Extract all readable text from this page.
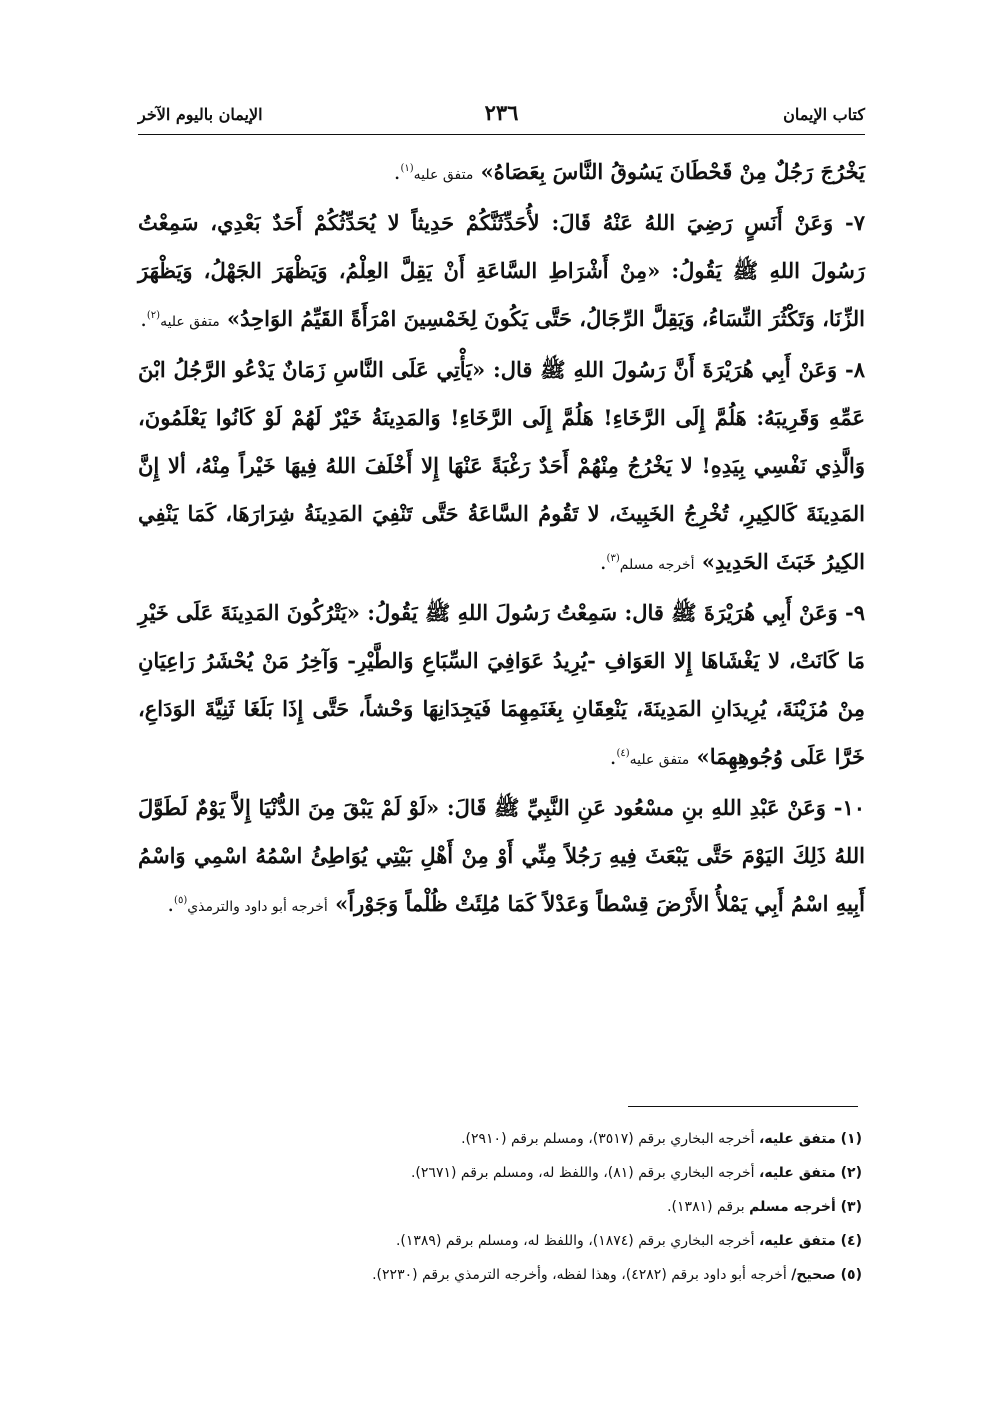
كتاب الإيمان
٢٣٦
الإيمان باليوم الآخر

يَخْرُجَ رَجُلٌ مِنْ قَحْطَانَ يَسُوقُ النَّاسَ بِعَصَاهُ» متفق عليه$^{(١)}$.

٧- وَعَنْ أَنَسٍ رَضِيَ اللهُ عَنْهُ قَالَ: لأُحَدِّثَنَّكُمْ حَدِيثاً لا يُحَدِّثُكُمْ أَحَدٌ بَعْدِي، سَمِعْتُ رَسُولَ اللهِ ﷺ يَقُولُ: «مِنْ أَشْرَاطِ السَّاعَةِ أَنْ يَقِلَّ العِلْمُ، وَيَظْهَرَ الجَهْلُ، وَيَظْهَرَ الزِّنَا، وَتَكْثُرَ النِّسَاءُ، وَيَقِلَّ الرِّجَالُ، حَتَّى يَكُونَ لِخَمْسِينَ امْرَأَةً القَيِّمُ الوَاحِدُ» متفق عليه$^{(٢)}$.

٨- وَعَنْ أَبِي هُرَيْرَةَ أَنَّ رَسُولَ اللهِ ﷺ قال: «يَأْتِي عَلَى النَّاسِ زَمَانٌ يَدْعُو الرَّجُلُ ابْنَ عَمِّهِ وَقَرِيبَهُ: هَلُمَّ إِلَى الرَّخَاءِ! هَلُمَّ إِلَى الرَّخَاءِ! وَالمَدِينَةُ خَيْرٌ لَهُمْ لَوْ كَانُوا يَعْلَمُونَ، وَالَّذِي نَفْسِي بِيَدِهِ! لا يَخْرُجُ مِنْهُمْ أَحَدٌ رَغْبَةً عَنْهَا إِلا أَخْلَفَ اللهُ فِيهَا خَيْراً مِنْهُ، ألا إِنَّ المَدِينَةَ كَالكِيرِ، تُخْرِجُ الخَبِيثَ، لا تَقُومُ السَّاعَةُ حَتَّى تَنْفِيَ المَدِينَةُ شِرَارَهَا، كَمَا يَنْفِي الكِيرُ خَبَثَ الحَدِيدِ» أخرجه مسلم$^{(٣)}$.

٩- وَعَنْ أَبِي هُرَيْرَةَ ﷺ قال: سَمِعْتُ رَسُولَ اللهِ ﷺ يَقُولُ: «يَتْرُكُونَ المَدِينَةَ عَلَى خَيْرِ مَا كَانَتْ، لا يَغْشَاهَا إِلا العَوَافِ -يُرِيدُ عَوَافِيَ السِّبَاعِ وَالطَّيْرِ- وَآخِرُ مَنْ يُحْشَرُ رَاعِيَانِ مِنْ مُزَيْنَةَ، يُرِيدَانِ المَدِينَةَ، يَنْعِقَانِ بِغَنَمِهِمَا فَيَجِدَانِهَا وَحْشاً، حَتَّى إِذَا بَلَغَا ثَنِيَّةَ الوَدَاعِ، خَرَّا عَلَى وُجُوهِهِمَا» متفق عليه$^{(٤)}$.

١٠- وَعَنْ عَبْدِ اللهِ بنِ مسْعُود عَنِ النَّبِيِّ ﷺ قَالَ: «لَوْ لَمْ يَبْقَ مِنَ الدُّنْيَا إِلاَّ يَوْمٌ لَطَوَّلَ اللهُ ذَلِكَ اليَوْمَ حَتَّى يَبْعَثَ فِيهِ رَجُلاً مِنِّي أَوْ مِنْ أَهْلِ بَيْتِي يُوَاطِئُ اسْمُهُ اسْمِي وَاسْمُ أَبِيهِ اسْمُ أَبِي يَمْلأُ الأَرْضَ قِسْطاً وَعَدْلاً كَمَا مُلِئَتْ ظُلْماً وَجَوْراً» أخرجه أبو داود والترمذي$^{(٥)}$.

(١) متفق عليه، أخرجه البخاري برقم (٣٥١٧)، ومسلم برقم (٢٩١٠).

(٢) متفق عليه، أخرجه البخاري برقم (٨١)، واللفظ له، ومسلم برقم (٢٦٧١).

(٣) أخرجه مسلم برقم (١٣٨١).

(٤) متفق عليه، أخرجه البخاري برقم (١٨٧٤)، واللفظ له، ومسلم برقم (١٣٨٩).

(٥) صحيح/ أخرجه أبو داود برقم (٤٢٨٢)، وهذا لفظه، وأخرجه الترمذي برقم (٢٢٣٠).
